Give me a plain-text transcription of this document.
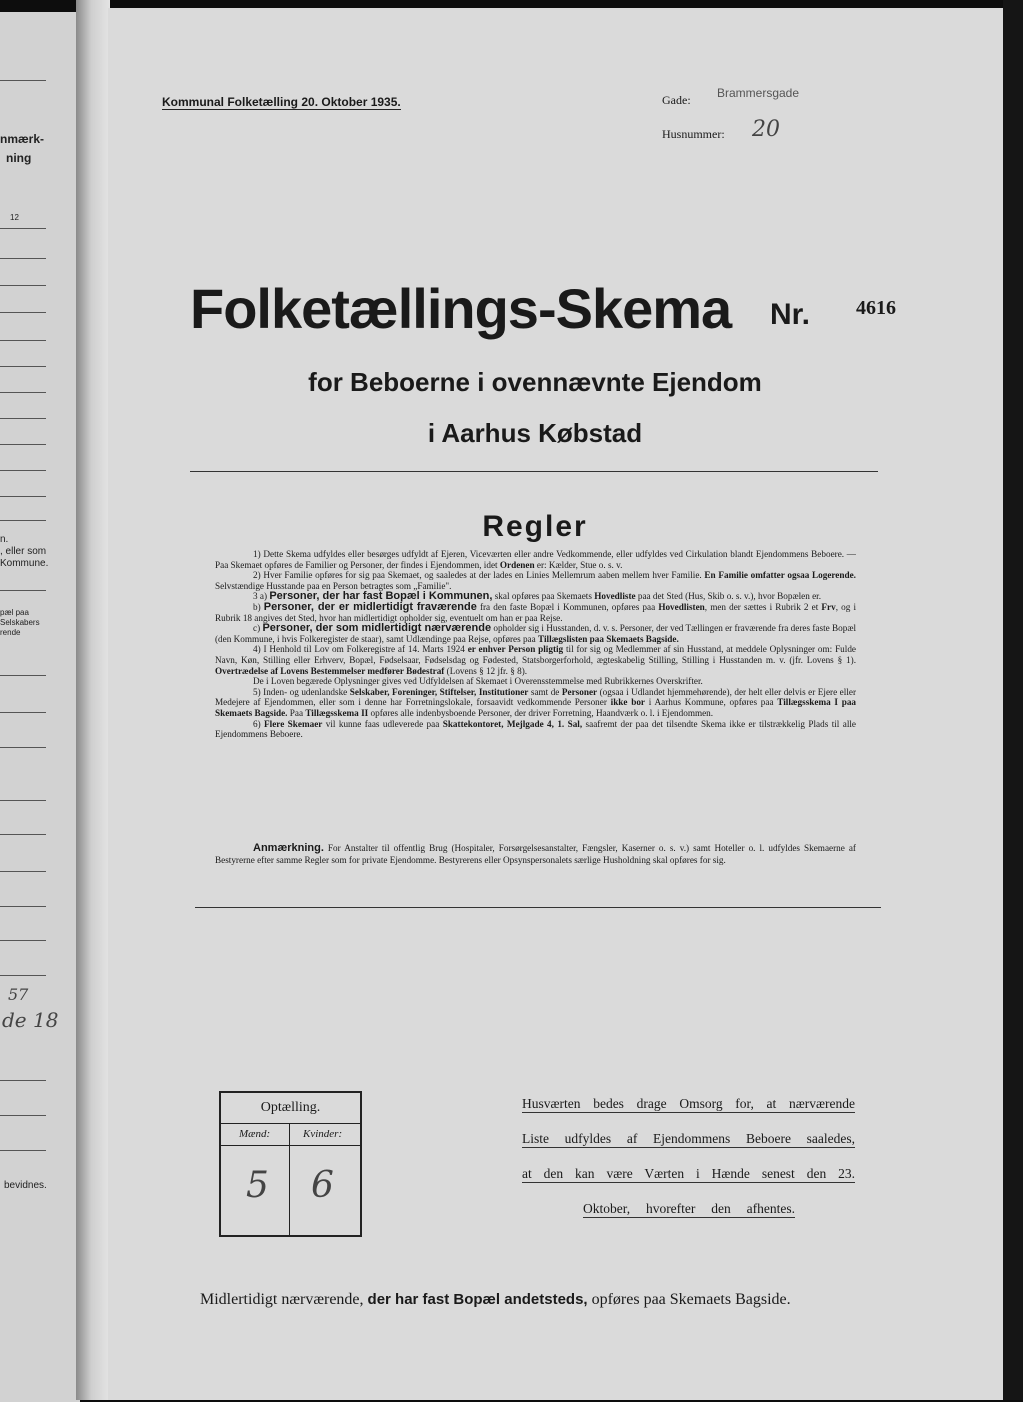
nmærk-
ning
12
n.
, eller som
Kommune.
pæl paa
Selskabers
rende
57
de 18
bevidnes.
Kommunal Folketælling 20. Oktober 1935.	Gade: Brammersgade
Husnummer: 20
Folketællings-Skema Nr. 4616
for Beboerne i ovennævnte Ejendom
i Aarhus Købstad
Regler

1) Dette Skema udfyldes eller besørges udfyldt af Ejeren, Viceværten eller andre Vedkommende, eller udfyldes ved Cirkulation blandt Ejendommens Beboere. — Paa Skemaet opføres de Familier og Personer, der findes i Ejendommen, idet Ordenen er: Kælder, Stue o. s. v.

2) Hver Familie opføres for sig paa Skemaet, og saaledes at der lades en Linies Mellemrum aaben mellem hver Familie. En Familie omfatter ogsaa Logerende. Selvstændige Husstande paa en Person betragtes som „Familie".

3 a) Personer, der har fast Bopæl i Kommunen, skal opføres paa Skemaets Hovedliste paa det Sted (Hus, Skib o. s. v.), hvor Bopælen er.

b) Personer, der er midlertidigt fraværende fra den faste Bopæl i Kommunen, opføres paa Hovedlisten, men der sættes i Rubrik 2 et Frv, og i Rubrik 18 angives det Sted, hvor han midlertidigt opholder sig, eventuelt om han er paa Rejse.

c) Personer, der som midlertidigt nærværende opholder sig i Husstanden, d. v. s. Personer, der ved Tællingen er fraværende fra deres faste Bopæl (den Kommune, i hvis Folkeregister de staar), samt Udlændinge paa Rejse, opføres paa Tillægslisten paa Skemaets Bagside.

4) I Henhold til Lov om Folkeregistre af 14. Marts 1924 er enhver Person pligtig til for sig og Medlemmer af sin Husstand, at meddele Oplysninger om: Fulde Navn, Køn, Stilling eller Erhverv, Bopæl, Fødselsaar, Fødselsdag og Fødested, Statsborgerforhold, ægteskabelig Stilling, Stilling i Husstanden m. v. (jfr. Lovens § 1). Overtrædelse af Lovens Bestemmelser medfører Bødestraf (Lovens § 12 jfr. § 8).

De i Loven begærede Oplysninger gives ved Udfyldelsen af Skemaet i Overensstemmelse med Rubrikkernes Overskrifter.

5) Inden- og udenlandske Selskaber, Foreninger, Stiftelser, Institutioner samt de Personer (ogsaa i Udlandet hjemmehørende), der helt eller delvis er Ejere eller Medejere af Ejendommen, eller som i denne har Forretningslokale, forsaavidt vedkommende Personer ikke bor i Aarhus Kommune, opføres paa Tillægsskema I paa Skemaets Bagside. Paa Tillægsskema II opføres alle indenbysboende Personer, der driver Forretning, Haandværk o. l. i Ejendommen.

6) Flere Skemaer vil kunne faas udleverede paa Skattekontoret, Mejlgade 4, 1. Sal, saafremt der paa det tilsendte Skema ikke er tilstrækkelig Plads til alle Ejendommens Beboere.

Anmærkning. For Anstalter til offentlig Brug (Hospitaler, Forsørgelsesanstalter, Fængsler, Kaserner o. s. v.) samt Hoteller o. l. udfyldes Skemaerne af Bestyrerne efter samme Regler som for private Ejendomme. Bestyrerens eller Opsynspersonalets særlige Husholdning skal opføres for sig.
Optælling.
Mænd:	Kvinder:
5 6
Husværten bedes drage Omsorg for, at nærværende
Liste udfyldes af Ejendommens Beboere saaledes,
at den kan være Værten i Hænde senest den 23.
Oktober, hvorefter den afhentes.
Midlertidigt nærværende, der har fast Bopæl andetsteds, opføres paa Skemaets Bagside.
